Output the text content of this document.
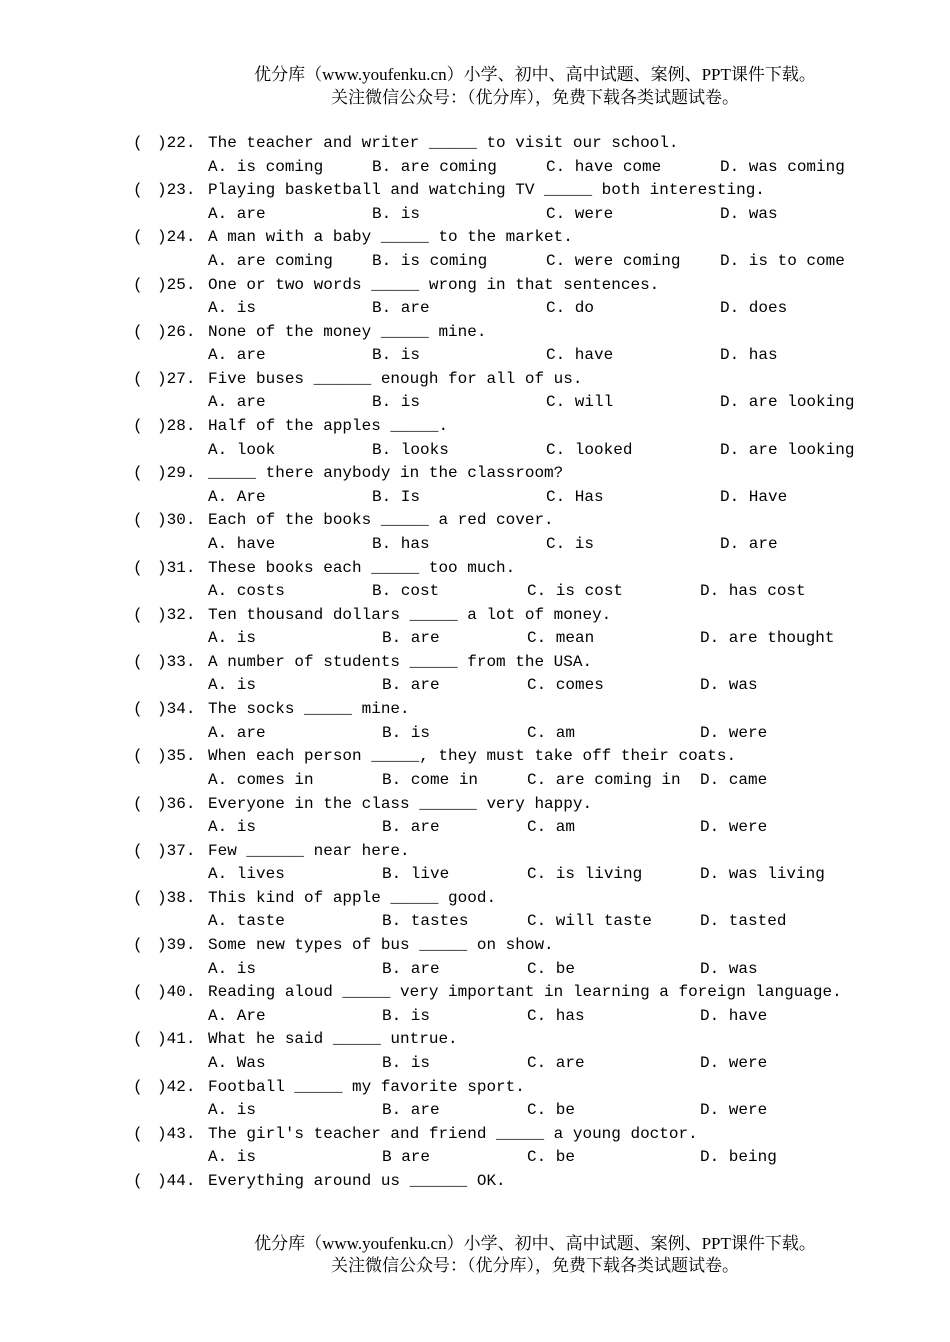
优分库（www.youfenku.cn）小学、初中、高中试题、案例、PPT课件下载。
关注微信公众号：（优分库），免费下载各类试题试卷。
( )22. The teacher and writer _____ to visit our school.
A. is coming	B. are coming	C. have come	D. was coming
( )23. Playing basketball and watching TV _____ both interesting.
A. are	B. is	C. were	D. was
( )24. A man with a baby _____ to the market.
A. are coming B. is coming	C. were coming D. is to come
( )25. One or two words _____ wrong in that sentences.
A. is	B. are	C. do	D. does
( )26. None of the money _____ mine.
A. are	B. is	C. have	D. has
( )27. Five buses ______ enough for all of us.
A. are	B. is	C. will	D. are looking
( )28. Half of the apples _____.
A. look	B. looks	C. looked	D. are looking
( )29. _____ there anybody in the classroom?
A. Are	B. Is	C. Has	D. Have
( )30. Each of the books _____ a red cover.
A. have	B. has	C. is	D. are
( )31. These books each _____ too much.
A. costs	B. cost	C. is cost	D. has cost
( )32. Ten thousand dollars _____ a lot of money.
A. is	B. are	C. mean	D. are thought
( )33. A number of students _____ from the USA.
A. is	B. are	C. comes	D. was
( )34. The socks _____ mine.
A. are	B. is	C. am	D. were
( )35. When each person _____, they must take off their coats.
A. comes in	B. come in	C. are coming in D. came
( )36. Everyone in the class ______ very happy.
A. is	B. are	C. am	D. were
( )37. Few ______ near here.
A. lives	B. live	C. is living	D. was living
( )38. This kind of apple _____ good.
A. taste	B. tastes	C. will taste	D. tasted
( )39. Some new types of bus _____ on show.
A. is	B. are	C. be	D. was
( )40. Reading aloud _____ very important in learning a foreign language.
A. Are	B. is	C. has	D. have
( )41. What he said _____ untrue.
A. Was	B. is	C. are	D. were
( )42. Football _____ my favorite sport.
A. is	B. are	C. be	D. were
( )43. The girl's teacher and friend _____ a young doctor.
A. is	B are	C. be	D. being
( )44. Everything around us ______ OK.
优分库（www.youfenku.cn）小学、初中、高中试题、案例、PPT课件下载。
关注微信公众号：（优分库），免费下载各类试题试卷。
